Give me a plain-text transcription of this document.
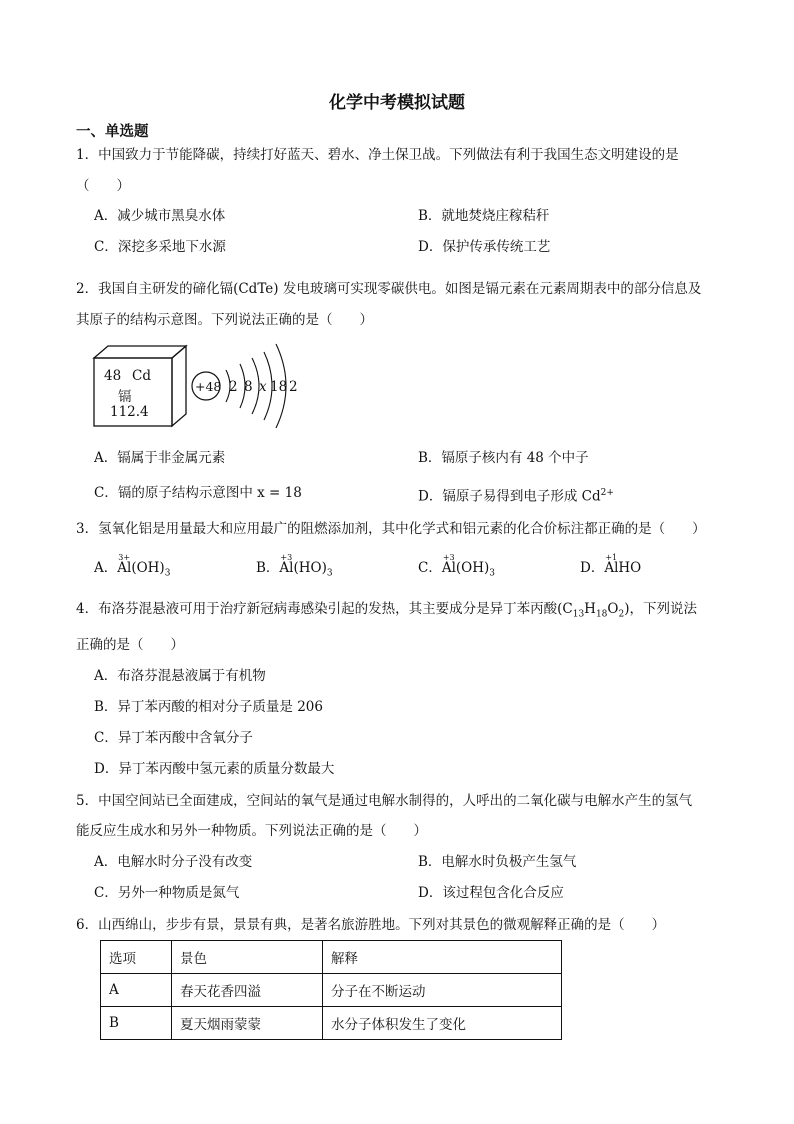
化学中考模拟试题
一、单选题
1．中国致力于节能降碳，持续打好蓝天、碧水、净土保卫战。下列做法有利于我国生态文明建设的是
（　　）
A．减少城市黑臭水体	B．就地焚烧庄稼秸秆
C．深挖多采地下水源	D．保护传承传统工艺
2．我国自主研发的碲化镉(CdTe) 发电玻璃可实现零碳供电。如图是镉元素在元素周期表中的部分信息及
其原子的结构示意图。下列说法正确的是（　　）
48 Cd
镉
112.4
+48 2 8 x 18 2
A．镉属于非金属元素	B．镉原子核内有 48 个中子
C．镉的原子结构示意图中 x = 18	D．镉原子易得到电子形成 $Cd^{2+}$
3．氢氧化铝是用量最大和应用最广的阻燃添加剂，其中化学式和铝元素的化合价标注都正确的是（　　）
A．
3+
$Al(OH)_3$	B．
+3
$Al(HO)_3$	C．
+3
$Al(OH)_3$	D．
+1
AlHO
4．布洛芬混悬液可用于治疗新冠病毒感染引起的发热，其主要成分是异丁苯丙酸$(C_{13}H_{18}O_2)$，下列说法
正确的是（　　）
A．布洛芬混悬液属于有机物
B．异丁苯丙酸的相对分子质量是 206
C．异丁苯丙酸中含氧分子
D．异丁苯丙酸中氢元素的质量分数最大
5．中国空间站已全面建成，空间站的氧气是通过电解水制得的，人呼出的二氧化碳与电解水产生的氢气
能反应生成水和另外一种物质。下列说法正确的是（　　）
A．电解水时分子没有改变	B．电解水时负极产生氢气
C．另外一种物质是氮气	D．该过程包含化合反应
6．山西绵山，步步有景，景景有典，是著名旅游胜地。下列对其景色的微观解释正确的是（　　）
选项	景色	解释
A	春天花香四溢	分子在不断运动
B	夏天烟雨蒙蒙	水分子体积发生了变化
